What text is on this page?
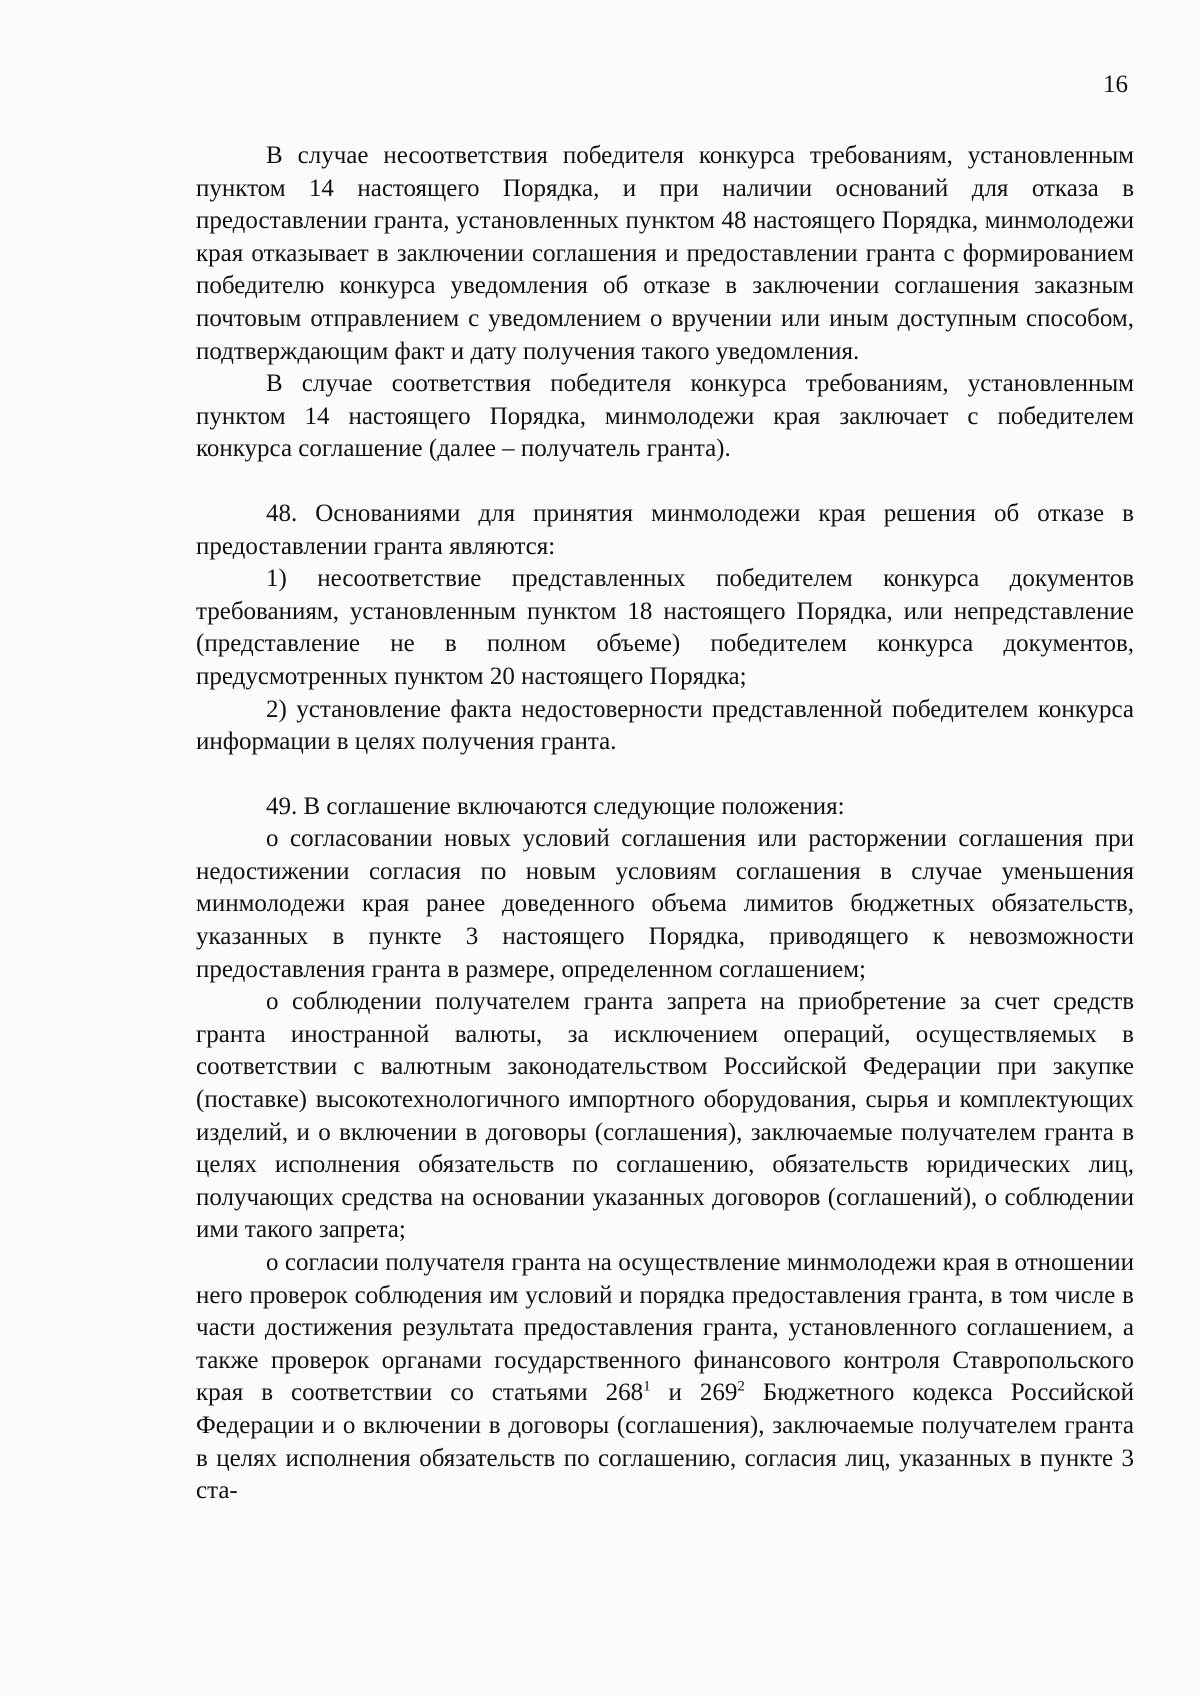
16

В случае несоответствия победителя конкурса требованиям, установленным пунктом 14 настоящего Порядка, и при наличии оснований для отказа в предоставлении гранта, установленных пунктом 48 настоящего Порядка, минмолодежи края отказывает в заключении соглашения и предоставлении гранта с формированием победителю конкурса уведомления об отказе в заключении соглашения заказным почтовым отправлением с уведомлением о вручении или иным доступным способом, подтверждающим факт и дату получения такого уведомления.

В случае соответствия победителя конкурса требованиям, установленным пунктом 14 настоящего Порядка, минмолодежи края заключает с победителем конкурса соглашение (далее – получатель гранта).

48. Основаниями для принятия минмолодежи края решения об отказе в предоставлении гранта являются:

1) несоответствие представленных победителем конкурса документов требованиям, установленным пунктом 18 настоящего Порядка, или непредставление (представление не в полном объеме) победителем конкурса документов, предусмотренных пунктом 20 настоящего Порядка;

2) установление факта недостоверности представленной победителем конкурса информации в целях получения гранта.

49. В соглашение включаются следующие положения:

о согласовании новых условий соглашения или расторжении соглашения при недостижении согласия по новым условиям соглашения в случае уменьшения минмолодежи края ранее доведенного объема лимитов бюджетных обязательств, указанных в пункте 3 настоящего Порядка, приводящего к невозможности предоставления гранта в размере, определенном соглашением;

о соблюдении получателем гранта запрета на приобретение за счет средств гранта иностранной валюты, за исключением операций, осуществляемых в соответствии с валютным законодательством Российской Федерации при закупке (поставке) высокотехнологичного импортного оборудования, сырья и комплектующих изделий, и о включении в договоры (соглашения), заключаемые получателем гранта в целях исполнения обязательств по соглашению, обязательств юридических лиц, получающих средства на основании указанных договоров (соглашений), о соблюдении ими такого запрета;

о согласии получателя гранта на осуществление минмолодежи края в отношении него проверок соблюдения им условий и порядка предоставления гранта, в том числе в части достижения результата предоставления гранта, установленного соглашением, а также проверок органами государственного финансового контроля Ставропольского края в соответствии со статьями $268^1$ и $269^2$ Бюджетного кодекса Российской Федерации и о включении в договоры (соглашения), заключаемые получателем гранта в целях исполнения обязательств по соглашению, согласия лиц, указанных в пункте 3 ста-
